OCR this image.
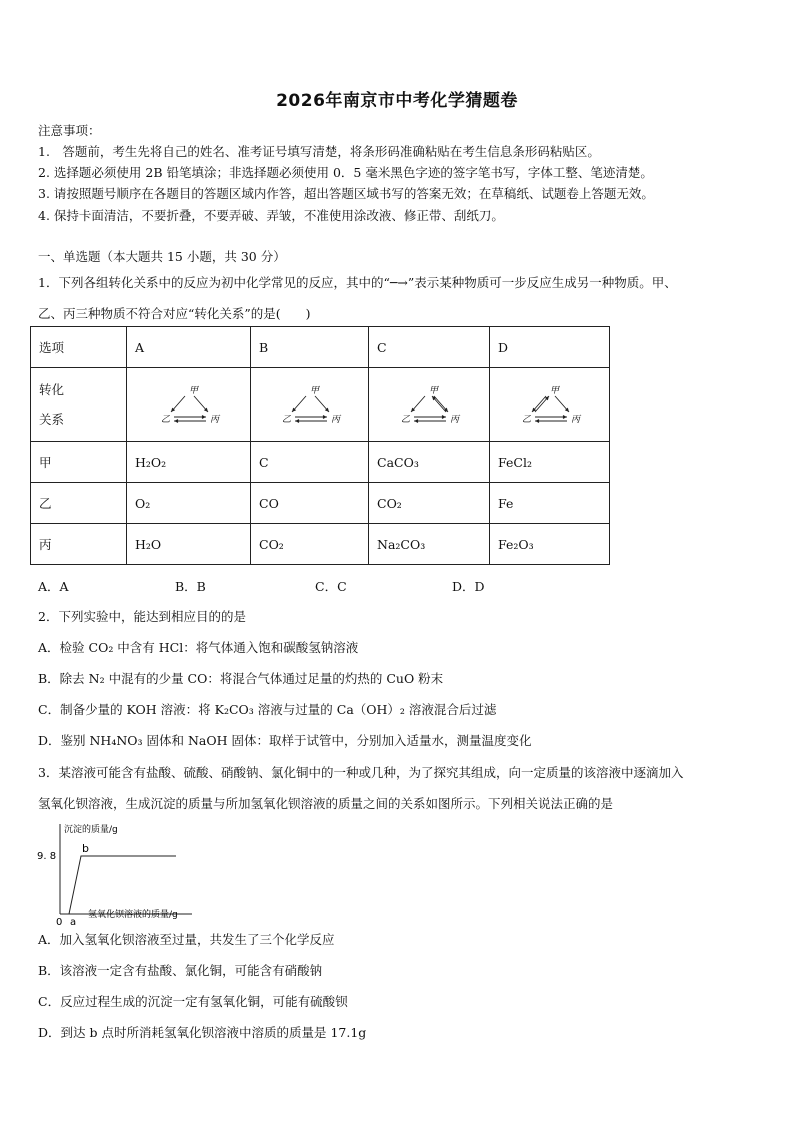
2026年南京市中考化学猜题卷
注意事项：
1.　答题前，考生先将自己的姓名、准考证号填写清楚，将条形码准确粘贴在考生信息条形码粘贴区。
2. 选择题必须使用 2B 铅笔填涂；非选择题必须使用 0．5 毫米黑色字迹的签字笔书写，字体工整、笔迹清楚。
3. 请按照题号顺序在各题目的答题区域内作答，超出答题区域书写的答案无效；在草稿纸、试题卷上答题无效。
4. 保持卡面清洁，不要折叠，不要弄破、弄皱，不准使用涂改液、修正带、刮纸刀。
一、单选题（本大题共 15 小题，共 30 分）
1．下列各组转化关系中的反应为初中化学常见的反应，其中的“─→”表示某种物质可一步反应生成另一种物质。甲、
乙、丙三种物质不符合对应“转化关系”的是(　　)
选项	A	B	C	D

转化
关系	甲
乙 丙	甲
乙 丙	甲
乙 丙	甲
乙 丙

甲	H₂O₂	C	CaCO₃	FeCl₂
乙	O₂	CO	CO₂	Fe
丙	H₂O	CO₂	Na₂CO₃	Fe₂O₃
A．A	B．B	C．C	D．D
2．下列实验中，能达到相应目的的是
A．检验 CO₂ 中含有 HCl：将气体通入饱和碳酸氢钠溶液
B．除去 N₂ 中混有的少量 CO：将混合气体通过足量的灼热的 CuO 粉末
C．制备少量的 KOH 溶液：将 K₂CO₃ 溶液与过量的 Ca（OH）₂ 溶液混合后过滤
D．鉴别 NH₄NO₃ 固体和 NaOH 固体：取样于试管中，分别加入适量水，测量温度变化
3．某溶液可能含有盐酸、硫酸、硝酸钠、氯化铜中的一种或几种，为了探究其组成，向一定质量的该溶液中逐滴加入
氢氧化钡溶液，生成沉淀的质量与所加氢氧化钡溶液的质量之间的关系如图所示。下列相关说法正确的是
沉淀的质量/g
9. 8
0 a
b
氢氧化钡溶液的质量/g
A．加入氢氧化钡溶液至过量，共发生了三个化学反应
B．该溶液一定含有盐酸、氯化铜，可能含有硝酸钠
C．反应过程生成的沉淀一定有氢氧化铜，可能有硫酸钡
D．到达 b 点时所消耗氢氧化钡溶液中溶质的质量是 17.1g
